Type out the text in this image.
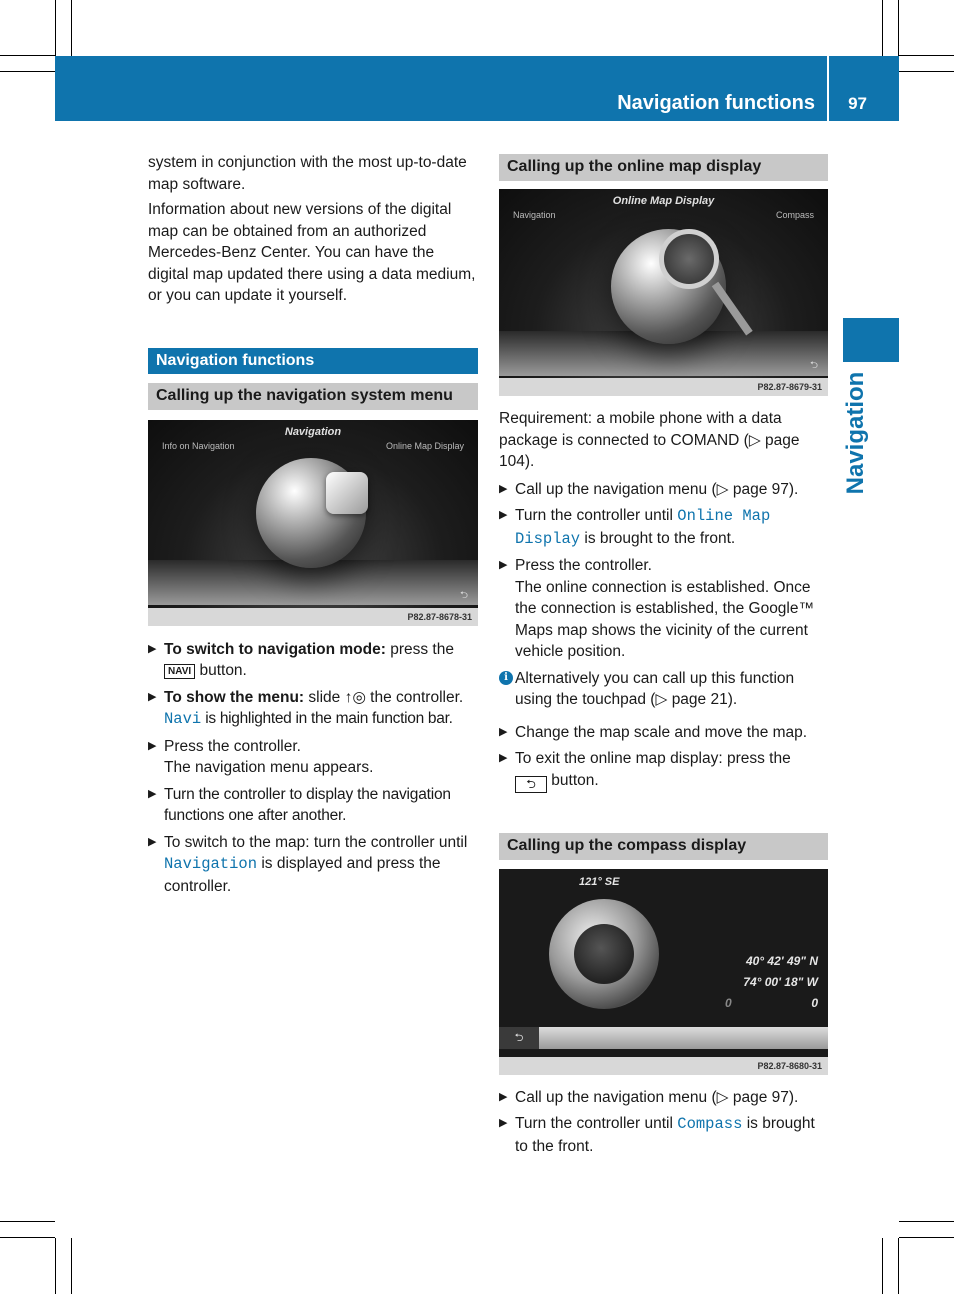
Navigation functions 97
Navigation

system in conjunction with the most up-to-date map software.

Information about new versions of the digital map can be obtained from an authorized Mercedes-Benz Center. You can have the digital map updated there using a data medium, or you can update it yourself.

Navigation functions
Calling up the navigation system menu
Navigation
Info on Navigation	Online Map Display
⮌
P82.87-8678-31
▶ To switch to navigation mode: press the NAVI button.
▶ To show the menu: slide ↑◎ the controller.
Navi is highlighted in the main function bar.
▶ Press the controller.
The navigation menu appears.
▶ Turn the controller to display the navigation functions one after another.
▶ To switch to the map: turn the controller until Navigation is displayed and press the controller.
Calling up the online map display
Online Map Display
Navigation	Compass
⮌
P82.87-8679-31

Requirement: a mobile phone with a data package is connected to COMAND (▷ page 104).

▶ Call up the navigation menu (▷ page 97).
▶ Turn the controller until Online Map Display is brought to the front.
▶ Press the controller.
The online connection is established. Once the connection is established, the Google™ Maps map shows the vicinity of the current vehicle position.
i Alternatively you can call up this function using the touchpad (▷ page 21).
▶ Change the map scale and move the map.
▶ To exit the online map display: press the
⮌ button.
Calling up the compass display
121° SE
40° 42' 49" N
74° 00' 18" W
0
0
⮌
P82.87-8680-31
▶ Call up the navigation menu (▷ page 97).
▶ Turn the controller until Compass is brought to the front.
